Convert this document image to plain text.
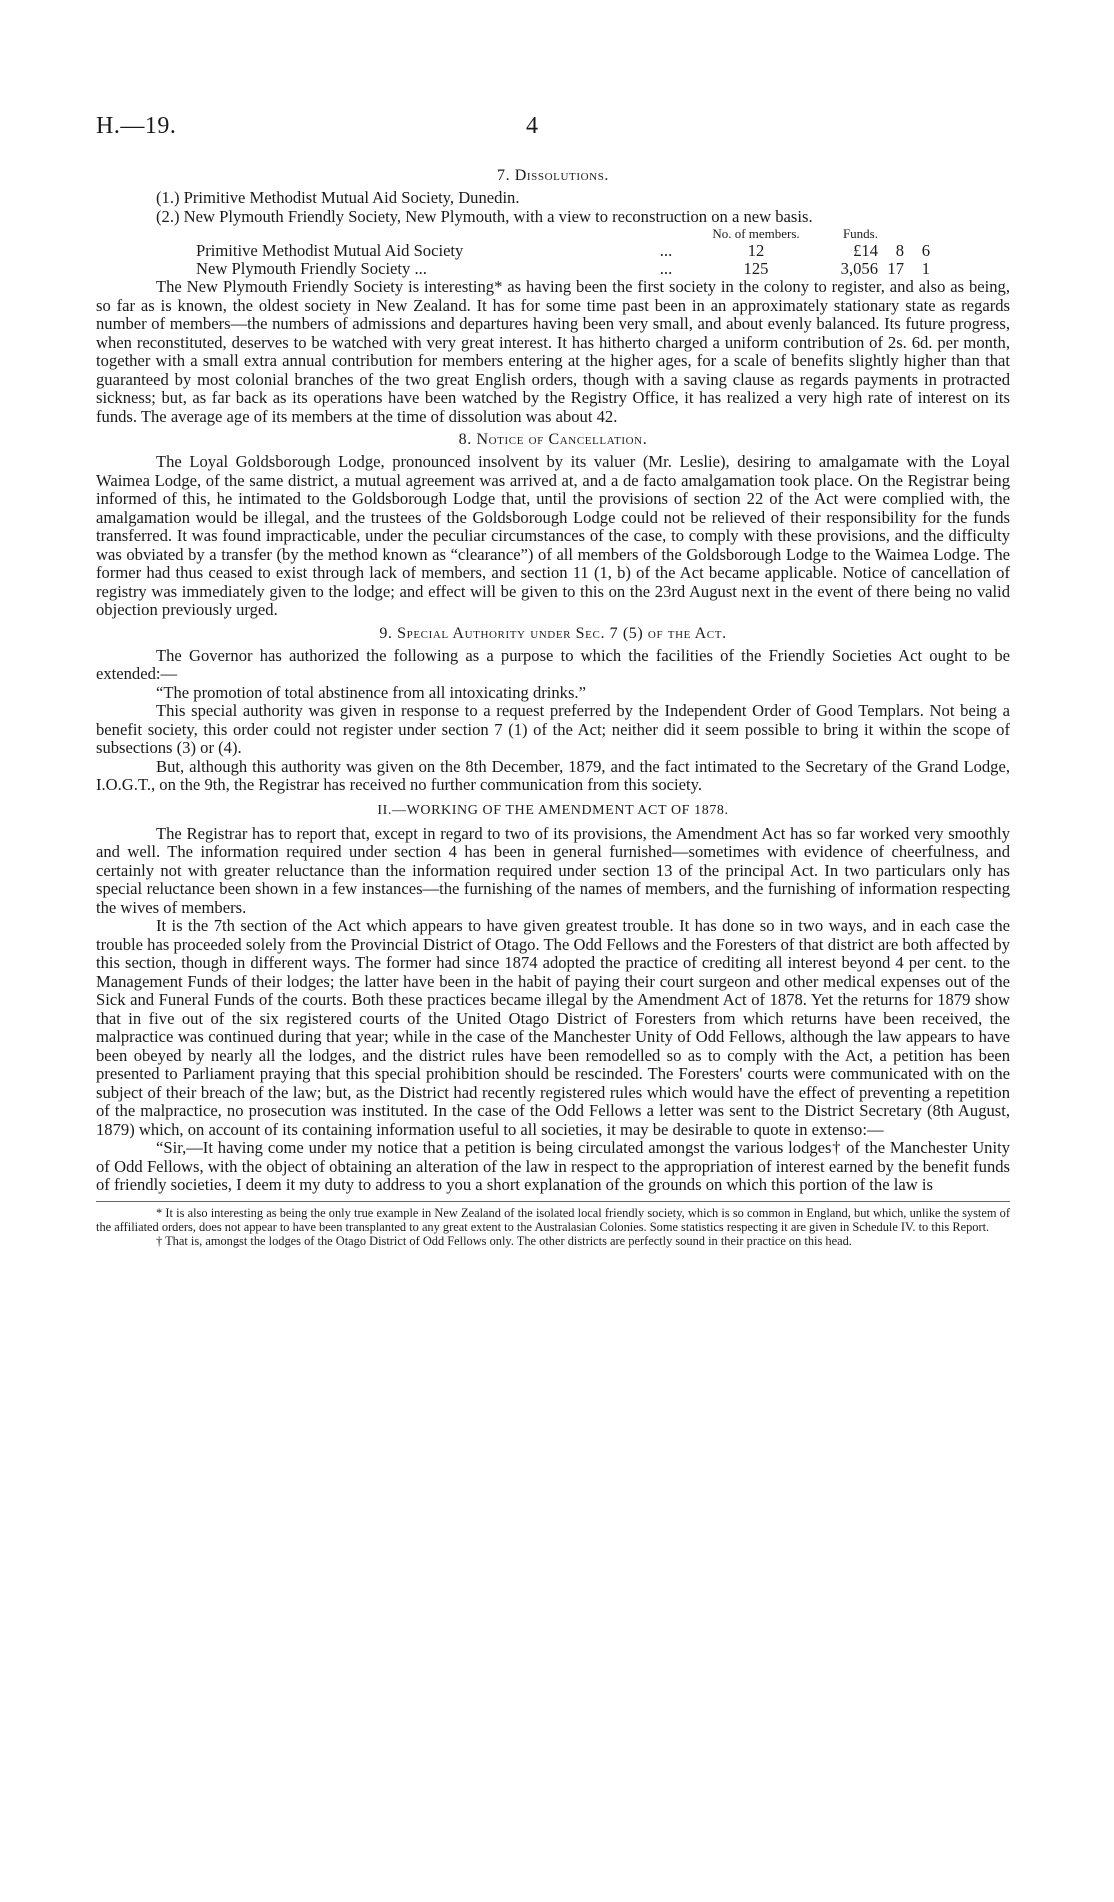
H.—19.	4
7. Dissolutions.

(1.) Primitive Methodist Mutual Aid Society, Dunedin.

(2.) New Plymouth Friendly Society, New Plymouth, with a view to reconstruction on a new basis.

		No. of members.	Funds.			
Primitive Methodist Mutual Aid Society	...	12	£14	8	6	
New Plymouth Friendly Society ...	...	125	3,056	17	1	

The New Plymouth Friendly Society is interesting* as having been the first society in the colony to register, and also as being, so far as is known, the oldest society in New Zealand. It has for some time past been in an approximately stationary state as regards number of members—the numbers of admissions and departures having been very small, and about evenly balanced. Its future progress, when reconstituted, deserves to be watched with very great interest. It has hitherto charged a uniform contribution of 2s. 6d. per month, together with a small extra annual contribution for members entering at the higher ages, for a scale of benefits slightly higher than that guaranteed by most colonial branches of the two great English orders, though with a saving clause as regards payments in protracted sickness; but, as far back as its operations have been watched by the Registry Office, it has realized a very high rate of interest on its funds. The average age of its members at the time of dissolution was about 42.

8. Notice of Cancellation.

The Loyal Goldsborough Lodge, pronounced insolvent by its valuer (Mr. Leslie), desiring to amalgamate with the Loyal Waimea Lodge, of the same district, a mutual agreement was arrived at, and a de facto amalgamation took place. On the Registrar being informed of this, he intimated to the Goldsborough Lodge that, until the provisions of section 22 of the Act were complied with, the amalgamation would be illegal, and the trustees of the Goldsborough Lodge could not be relieved of their responsibility for the funds transferred. It was found impracticable, under the peculiar circumstances of the case, to comply with these provisions, and the difficulty was obviated by a transfer (by the method known as “clearance”) of all members of the Goldsborough Lodge to the Waimea Lodge. The former had thus ceased to exist through lack of members, and section 11 (1, b) of the Act became applicable. Notice of cancellation of registry was immediately given to the lodge; and effect will be given to this on the 23rd August next in the event of there being no valid objection previously urged.

9. Special Authority under Sec. 7 (5) of the Act.

The Governor has authorized the following as a purpose to which the facilities of the Friendly Societies Act ought to be extended:—

“The promotion of total abstinence from all intoxicating drinks.”

This special authority was given in response to a request preferred by the Independent Order of Good Templars. Not being a benefit society, this order could not register under section 7 (1) of the Act; neither did it seem possible to bring it within the scope of subsections (3) or (4).

But, although this authority was given on the 8th December, 1879, and the fact intimated to the Secretary of the Grand Lodge, I.O.G.T., on the 9th, the Registrar has received no further communication from this society.

II.—WORKING OF THE AMENDMENT ACT OF 1878.

The Registrar has to report that, except in regard to two of its provisions, the Amendment Act has so far worked very smoothly and well. The information required under section 4 has been in general furnished—sometimes with evidence of cheerfulness, and certainly not with greater reluctance than the information required under section 13 of the principal Act. In two particulars only has special reluctance been shown in a few instances—the furnishing of the names of members, and the furnishing of information respecting the wives of members.

It is the 7th section of the Act which appears to have given greatest trouble. It has done so in two ways, and in each case the trouble has proceeded solely from the Provincial District of Otago. The Odd Fellows and the Foresters of that district are both affected by this section, though in different ways. The former had since 1874 adopted the practice of crediting all interest beyond 4 per cent. to the Management Funds of their lodges; the latter have been in the habit of paying their court surgeon and other medical expenses out of the Sick and Funeral Funds of the courts. Both these practices became illegal by the Amendment Act of 1878. Yet the returns for 1879 show that in five out of the six registered courts of the United Otago District of Foresters from which returns have been received, the malpractice was continued during that year; while in the case of the Manchester Unity of Odd Fellows, although the law appears to have been obeyed by nearly all the lodges, and the district rules have been remodelled so as to comply with the Act, a petition has been presented to Parliament praying that this special prohibition should be rescinded. The Foresters' courts were communicated with on the subject of their breach of the law; but, as the District had recently registered rules which would have the effect of preventing a repetition of the malpractice, no prosecution was instituted. In the case of the Odd Fellows a letter was sent to the District Secretary (8th August, 1879) which, on account of its containing information useful to all societies, it may be desirable to quote in extenso:—

“Sir,—It having come under my notice that a petition is being circulated amongst the various lodges† of the Manchester Unity of Odd Fellows, with the object of obtaining an alteration of the law in respect to the appropriation of interest earned by the benefit funds of friendly societies, I deem it my duty to address to you a short explanation of the grounds on which this portion of the law is

* It is also interesting as being the only true example in New Zealand of the isolated local friendly society, which is so common in England, but which, unlike the system of the affiliated orders, does not appear to have been transplanted to any great extent to the Australasian Colonies. Some statistics respecting it are given in Schedule IV. to this Report.

† That is, amongst the lodges of the Otago District of Odd Fellows only. The other districts are perfectly sound in their practice on this head.
